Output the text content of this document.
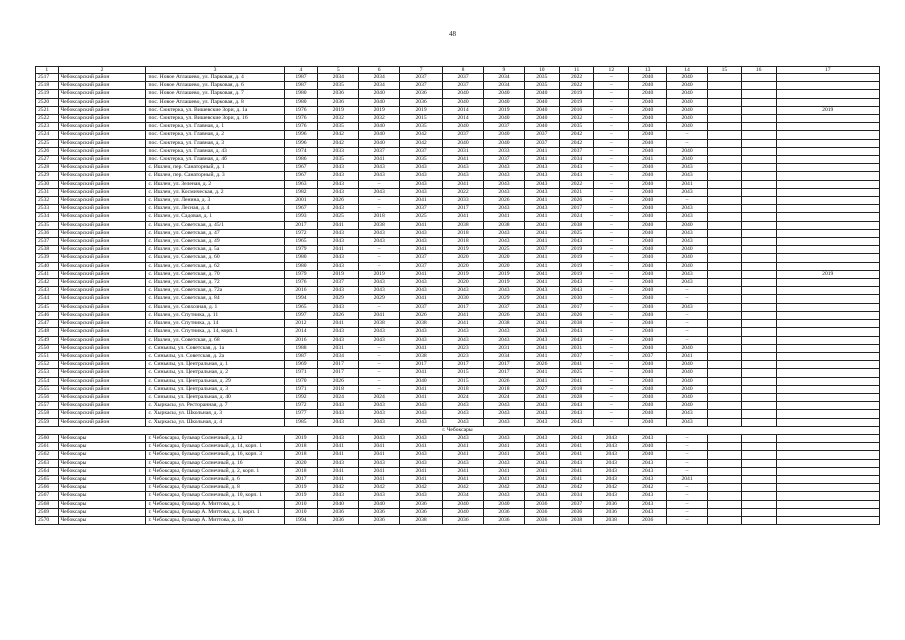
48
1	2	3	4	5	6	7	8	9	10	11	12	13	14	15	16	17
2517	Чебоксарский район	пос. Новое Атлашево, ул. Парковая, д. 4	1987	2034	2034	2037	2037	2034	2035	2022	–	2040	2040			
2518	Чебоксарский район	пос. Новое Атлашево, ул. Парковая, д. 6	1987	2035	2034	2037	2037	2034	2035	2022	–	2040	2040			
2519	Чебоксарский район	пос. Новое Атлашево, ул. Парковая, д. 7	1980	2036	2040	2036	2040	2040	2040	2019	–	2040	2040			
2520	Чебоксарский район	пос. Новое Атлашево, ул. Парковая, д. 8	1980	2036	2040	2036	2040	2040	2040	2019	–	2040	2040			
2521	Чебоксарский район	пос. Сюктерка, ул. Вишевские Зори, д. 1а	1976	2019	2019	2019	2014	2019	2040	2016	–	2040	2040			2019
2522	Чебоксарский район	пос. Сюктерка, ул. Вишевские Зори, д. 16	1976	2032	2032	2015	2014	2040	2040	2032	–	2040	2040			
2523	Чебоксарский район	пос. Сюктерка, ул. Главная, д. 1	1976	2035	2040	2035	2040	2037	2040	2035	–	2040	2040			
2524	Чебоксарский район	пос. Сюктерка, ул. Главная, д. 2	1996	2042	2040	2042	2037	2040	2037	2042	–	2040	–			
2525	Чебоксарский район	пос. Сюктерка, ул. Главная, д. 3	1996	2042	2040	2042	2040	2040	2037	2042	–	2040	–			
2526	Чебоксарский район	пос. Сюктерка, ул. Главная, д. 43	1974	2033	2037	2037	2031	2033	2041	2037	–	2040	2040			
2527	Чебоксарский район	пос. Сюктерка, ул. Главная, д. 4б	1986	2035	2041	2035	2041	2037	2041	2034	–	2041	2040			
2528	Чебоксарский район	с. Ишлеи, пер. Санаторный, д. 1	1967	2043	2043	2043	2043	2043	2043	2043	–	2040	2043			
2529	Чебоксарский район	с. Ишлеи, пер. Санаторный, д. 3	1967	2043	2043	2043	2043	2043	2043	2043	–	2040	2043			
2530	Чебоксарский район	с. Ишлеи, ул. Зеленая, д. 2	1963	2043	–	2043	2041	2043	2043	2022	–	2040	2041			
2531	Чебоксарский район	с. Ишлеи, ул. Космическая, д. 2	1982	2043	2043	2043	2022	2043	2043	2021	–	2040	2043			
2532	Чебоксарский район	с. Ишлеи, ул. Ленина, д. 3	2001	2026	–	2041	2033	2026	2041	2026	–	2040	–			
2533	Чебоксарский район	с. Ишлеи, ул. Лесная, д. 4	1967	2043	–	2037	2017	2043	2043	2017	–	2040	2043			
2534	Чебоксарский район	с. Ишлеи, ул. Садовая, д. 1	1993	2025	2018	2025	2041	2041	2041	2024	–	2040	2043			
2535	Чебоксарский район	с. Ишлеи, ул. Советская, д. 45/1	2017	2041	2038	2041	2038	2038	2041	2038	–	2040	2040			
2536	Чебоксарский район	с. Ишлеи, ул. Советская, д. 47	1972	2043	2043	2043	2018	2043	2041	2025	–	2040	2043			
2537	Чебоксарский район	с. Ишлеи, ул. Советская, д. 49	1965	2043	2043	2043	2018	2043	2041	2043	–	2040	2043			
2538	Чебоксарский район	с. Ишлеи, ул. Советская, д. 5а	1979	2041	–	2041	2019	2025	2037	2019	–	2040	2040			
2539	Чебоксарский район	с. Ишлеи, ул. Советская, д. 60	1980	2043	–	2037	2020	2020	2041	2019	–	2040	2040			
2540	Чебоксарский район	с. Ишлеи, ул. Советская, д. 62	1980	2043	–	2037	2020	2020	2041	2019	–	2040	2040			
2541	Чебоксарский район	с. Ишлеи, ул. Советская, д. 70	1979	2019	2019	2041	2019	2019	2041	2019	–	2040	2043			2019
2542	Чебоксарский район	с. Ишлеи, ул. Советская, д. 72	1976	2037	2043	2043	2020	2019	2041	2043	–	2040	2043			
2543	Чебоксарский район	с. Ишлеи, ул. Советская, д. 72а	2016	2043	2043	2043	2043	2043	2043	2043	–	2040	–			
2544	Чебоксарский район	с. Ишлеи, ул. Советская, д. 84	1994	2029	2029	2041	2030	2029	2041	2030	–	2040	–			
2545	Чебоксарский район	с. Ишлеи, ул. Совхозная, д. 1	1965	2043	–	2037	2017	2037	2043	2017	–	2040	2043			
2546	Чебоксарский район	с. Ишлеи, ул. Спутника, д. 11	1997	2026	2041	2026	2041	2026	2041	2026	–	2040	–			
2547	Чебоксарский район	с. Ишлеи, ул. Спутника, д. 14	2012	2041	2038	2038	2041	2038	2041	2038	–	2040	–			
2548	Чебоксарский район	с. Ишлеи, ул. Спутника, д. 14, корп. 1	2014	2043	2043	2043	2043	2043	2043	2043	–	2040	–			
2549	Чебоксарский район	с. Ишлеи, ул. Советская, д. 68	2016	2043	2043	2043	2043	2043	2043	2043	–	2040	–			
2550	Чебоксарский район	с. Синьялы, ул. Советская, д. 1а	1988	2031	–	2041	2023	2031	2041	2031	–	2040	2040			
2551	Чебоксарский район	с. Синьялы, ул. Советская, д. 2а	1987	2034	–	2038	2023	2034	2041	2037	–	2037	2041			
2552	Чебоксарский район	с. Синьялы, ул. Центральная, д. 1	1969	2017	–	2017	2017	2017	2026	2041	–	2040	2040			
2553	Чебоксарский район	с. Синьялы, ул. Центральная, д. 2	1971	2017	–	2041	2015	2017	2041	2025	–	2040	2040			
2554	Чебоксарский район	с. Синьялы, ул. Центральная, д. 29	1970	2026	–	2040	2015	2026	2041	2041	–	2040	2040			
2555	Чебоксарский район	с. Синьялы, ул. Центральная, д. 3	1971	2018	–	2041	2018	2018	2027	2018	–	2040	2040			
2556	Чебоксарский район	с. Синьялы, ул. Центральная, д. 40	1992	2024	2024	2041	2024	2024	2041	2028	–	2040	2040			
2557	Чебоксарский район	с. Хыркасы, ул. Ресторанная, д. 7	1972	2043	2043	2043	2043	2043	2043	2043	–	2040	2040			
2558	Чебоксарский район	с. Хыркасы, ул. Школьная, д. 3	1977	2043	2043	2043	2043	2043	2043	2043	–	2040	2043			
2559	Чебоксарский район	с. Хыркасы, ул. Школьная, д. 4	1985	2043	2043	2043	2043	2043	2043	2043	–	2040	2043			
г. Чебоксары																
2560	Чебоксары	г. Чебоксары, бульвар Солнечный, д. 12	2019	2043	2043	2043	2043	2043	2043	2043	2043	2043	–			
2561	Чебоксары	г. Чебоксары, бульвар Солнечный, д. 14, корп. 1	2018	2041	2041	2041	2041	2041	2041	2041	2043	2040	–			
2562	Чебоксары	г. Чебоксары, бульвар Солнечный, д. 16, корп. 3	2018	2041	2041	2043	2041	2041	2041	2041	2043	2040	–			
2563	Чебоксары	г. Чебоксары, бульвар Солнечный, д. 16	2020	2043	2043	2043	2043	2043	2043	2043	2043	2043	–			
2564	Чебоксары	г. Чебоксары, бульвар Солнечный, д. 2, корп. 1	2018	2041	2041	2041	2041	2041	2041	2041	2043	2043	–			
2565	Чебоксары	г. Чебоксары, бульвар Солнечный, д. 6	2017	2041	2041	2041	2041	2041	2041	2041	2043	2043	2041			
2566	Чебоксары	г. Чебоксары, бульвар Солнечный, д. 8	2019	2042	2042	2042	2042	2042	2042	2042	2042	2042	–			
2567	Чебоксары	г. Чебоксары, бульвар Солнечный, д. 10, корп. 1	2019	2043	2043	2043	2034	2043	2043	2034	2043	2043	–			
2568	Чебоксары	г. Чебоксары, бульвар А. Миттова, д. 1	2010	2040	2040	2036	2040	2040	2036	2037	2036	2043	–			
2569	Чебоксары	г. Чебоксары, бульвар А. Миттова, д. 1, корп. 1	2010	2036	2036	2036	2040	2036	2036	2036	2036	2043	–			
2570	Чебоксары	г. Чебоксары, бульвар А. Миттова, д. 10	1994	2036	2036	2038	2036	2036	2036	2038	2038	2036	–			
